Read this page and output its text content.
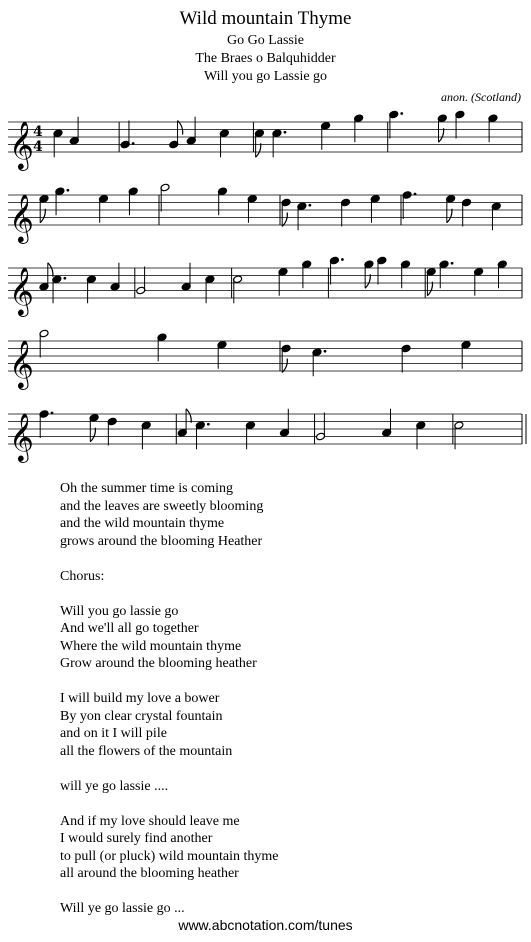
Wild mountain Thyme
Go Go Lassie
The Braes o Balquhidder
Will you go Lassie go
anon. (Scotland)
𝄞 4
4
𝄞
𝄞
𝄞
𝄞
Oh the summer time is coming
and the leaves are sweetly blooming
and the wild mountain thyme
grows around the blooming Heather
Chorus:
Will you go lassie go
And we'll all go together
Where the wild mountain thyme
Grow around the blooming heather
I will build my love a bower
By yon clear crystal fountain
and on it I will pile
all the flowers of the mountain
will ye go lassie ....
And if my love should leave me
I would surely find another
to pull (or pluck) wild mountain thyme
all around the blooming heather
Will ye go lassie go ...
www.abcnotation.com/tunes
